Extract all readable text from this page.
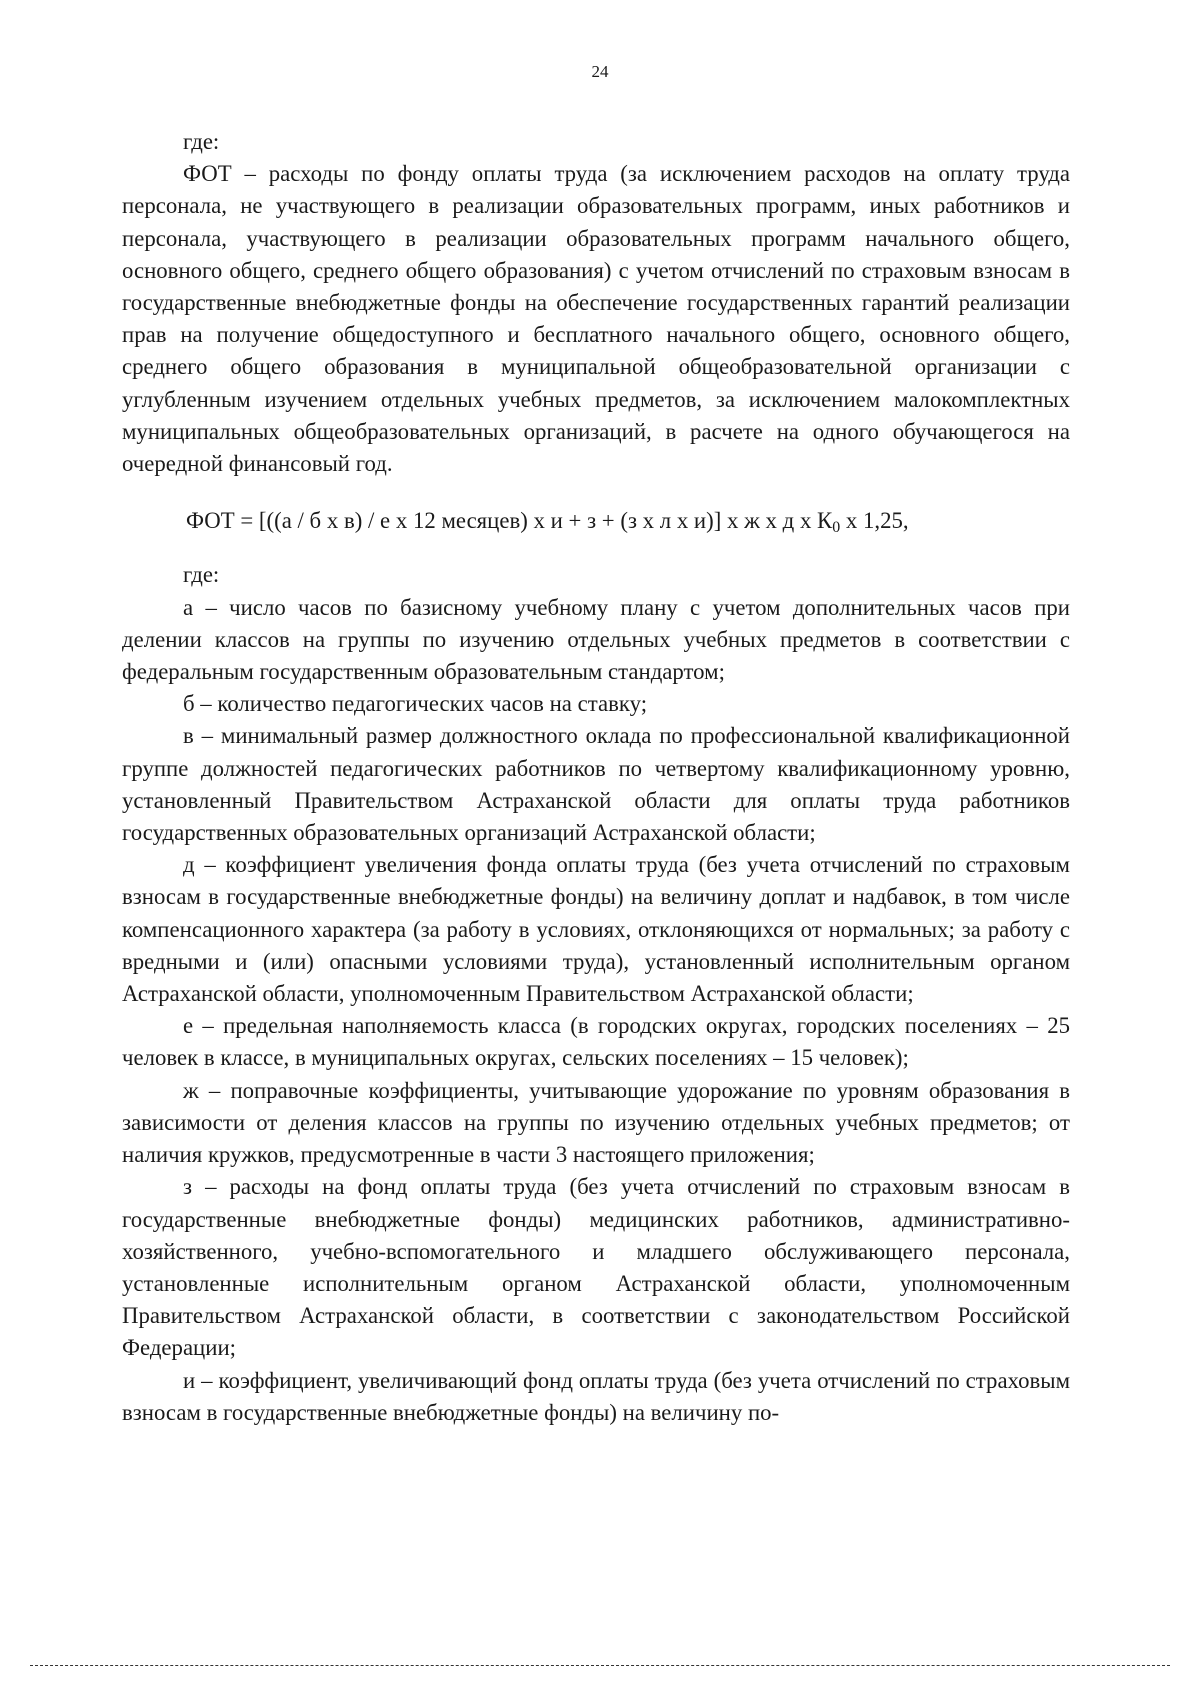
24

где:

ФОТ – расходы по фонду оплаты труда (за исключением расходов на оплату труда персонала, не участвующего в реализации образовательных программ, иных работников и персонала, участвующего в реализации образовательных программ начального общего, основного общего, среднего общего образования) с учетом отчислений по страховым взносам в государственные внебюджетные фонды на обеспечение государственных гарантий реализации прав на получение общедоступного и бесплатного начального общего, основного общего, среднего общего образования в муниципальной общеобразовательной организации с углубленным изучением отдельных учебных предметов, за исключением малокомплектных муниципальных общеобразовательных организаций, в расчете на одного обучающегося на очередной финансовый год.

ФОТ = [((а / б х в) / е х 12 месяцев) х и + з + (з х л х и)] х ж х д х $К_0$ х 1,25,

где:

а – число часов по базисному учебному плану с учетом дополнительных часов при делении классов на группы по изучению отдельных учебных предметов в соответствии с федеральным государственным образовательным стандартом;

б – количество педагогических часов на ставку;

в – минимальный размер должностного оклада по профессиональной квалификационной группе должностей педагогических работников по четвертому квалификационному уровню, установленный Правительством Астраханской области для оплаты труда работников государственных образовательных организаций Астраханской области;

д – коэффициент увеличения фонда оплаты труда (без учета отчислений по страховым взносам в государственные внебюджетные фонды) на величину доплат и надбавок, в том числе компенсационного характера (за работу в условиях, отклоняющихся от нормальных; за работу с вредными и (или) опасными условиями труда), установленный исполнительным органом Астраханской области, уполномоченным Правительством Астраханской области;

е – предельная наполняемость класса (в городских округах, городских поселениях – 25 человек в классе, в муниципальных округах, сельских поселениях – 15 человек);

ж – поправочные коэффициенты, учитывающие удорожание по уровням образования в зависимости от деления классов на группы по изучению отдельных учебных предметов; от наличия кружков, предусмотренные в части 3 настоящего приложения;

з – расходы на фонд оплаты труда (без учета отчислений по страховым взносам в государственные внебюджетные фонды) медицинских работников, административно-хозяйственного, учебно-вспомогательного и младшего обслуживающего персонала, установленные исполнительным органом Астраханской области, уполномоченным Правительством Астраханской области, в соответствии с законодательством Российской Федерации;

и – коэффициент, увеличивающий фонд оплаты труда (без учета отчислений по страховым взносам в государственные внебюджетные фонды) на величину по-
